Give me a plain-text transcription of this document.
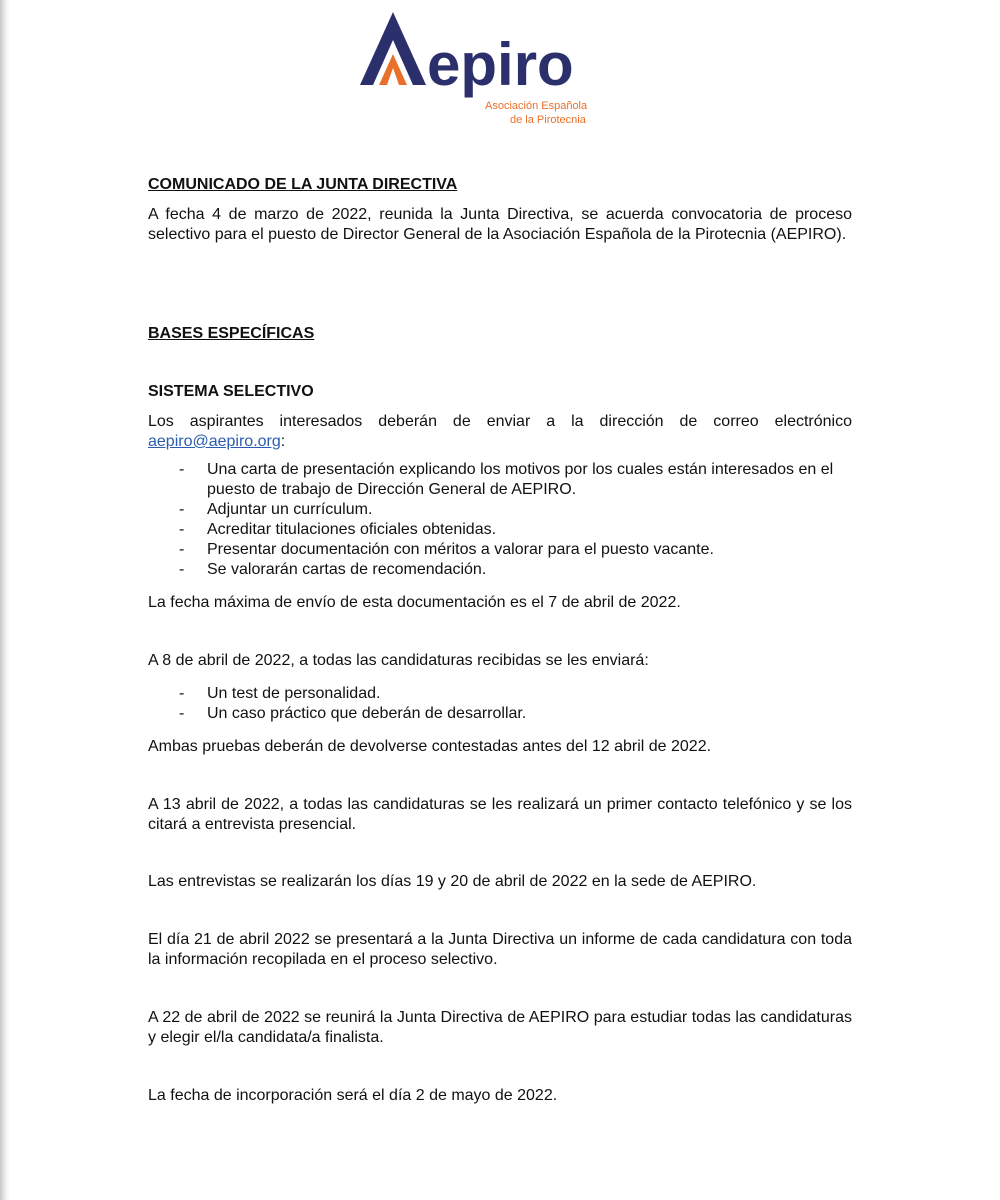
epiro
Asociación Española
de la Pirotecnia
COMUNICADO DE LA JUNTA DIRECTIVA

A fecha 4 de marzo de 2022, reunida la Junta Directiva, se acuerda convocatoria de proceso selectivo para el puesto de Director General de la Asociación Española de la Pirotecnia (AEPIRO).

BASES ESPECÍFICAS
SISTEMA SELECTIVO

Los aspirantes interesados deberán de enviar a la dirección de correo electrónico aepiro@aepiro.org:

- Una carta de presentación explicando los motivos por los cuales están interesados en el puesto de trabajo de Dirección General de AEPIRO.
- Adjuntar un currículum.
- Acreditar titulaciones oficiales obtenidas.
- Presentar documentación con méritos a valorar para el puesto vacante.
- Se valorarán cartas de recomendación.

La fecha máxima de envío de esta documentación es el 7 de abril de 2022.

A 8 de abril de 2022, a todas las candidaturas recibidas se les enviará:

- Un test de personalidad.
- Un caso práctico que deberán de desarrollar.

Ambas pruebas deberán de devolverse contestadas antes del 12 abril de 2022.

A 13 abril de 2022, a todas las candidaturas se les realizará un primer contacto telefónico y se los citará a entrevista presencial.

Las entrevistas se realizarán los días 19 y 20 de abril de 2022 en la sede de AEPIRO.

El día 21 de abril 2022 se presentará a la Junta Directiva un informe de cada candidatura con toda la información recopilada en el proceso selectivo.

A 22 de abril de 2022 se reunirá la Junta Directiva de AEPIRO para estudiar todas las candidaturas y elegir el/la candidata/a finalista.

La fecha de incorporación será el día 2 de mayo de 2022.
